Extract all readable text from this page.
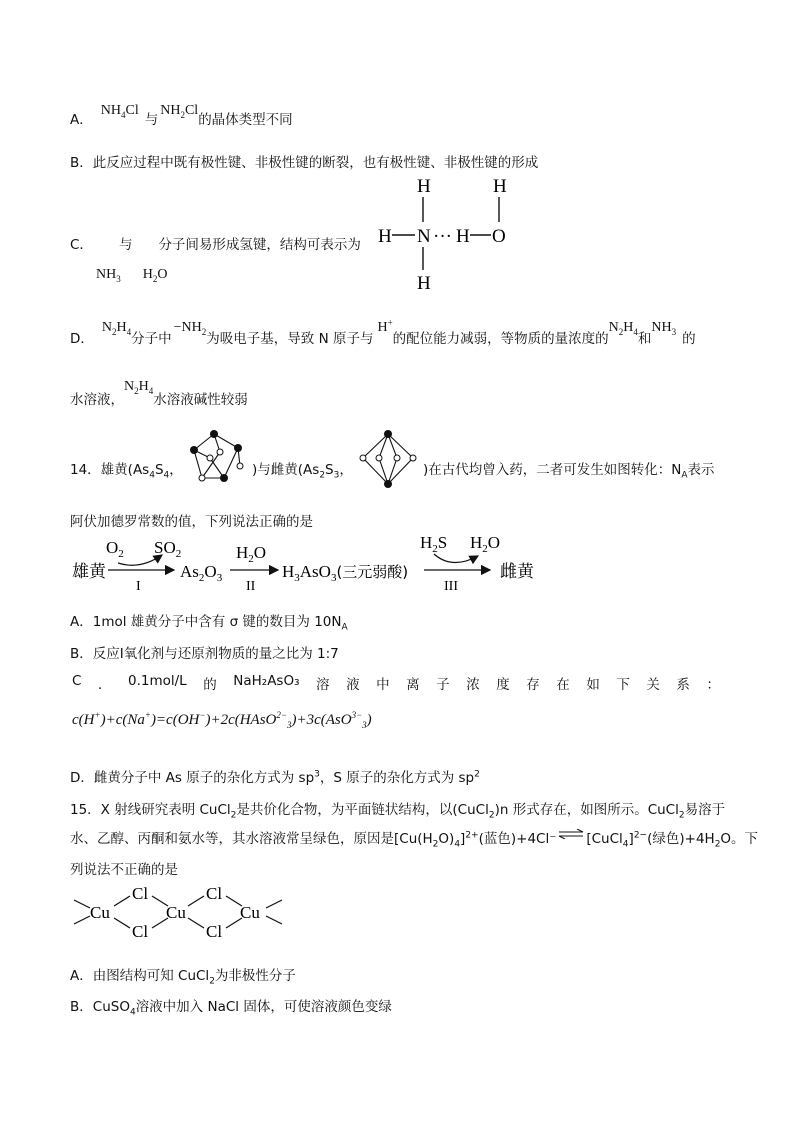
A．$NH_4Cl$与$NH_2Cl$的晶体类型不同
B．此反应过程中既有极性键、非极性键的断裂，也有极性键、非极性键的形成
C． 与 分子间易形成氢键，结构可表示为
$NH_3$ $H_2O$
H
H N ··· H O
H
H
D．$N_2H_4$分子中$-NH_2$为吸电子基，导致 N 原子与H+的配位能力减弱，等物质的量浓度的$N_2H_4$和$NH_3$ 的
水溶液，$N_2H_4$水溶液碱性较弱
14．雄黄($As_4S_4$，	)与雌黄($As_2S_3$，	)在古代均曾入药，二者可发生如图转化：$N_A$表示
阿伏加德罗常数的值，下列说法正确的是
雄黄
$O_2$ $SO_2$
I
$As_2O_3$
$H_2O$
II
$H_3AsO_3$(三元弱酸)
$H_2S$ $H_2O$
III
雌黄
A．1mol 雄黄分子中含有 σ 键的数目为 $10N_A$
B．反应Ⅰ氧化剂与还原剂物质的量之比为 1:7
C ． 0.1mol/L 的 NaH₂AsO₃ 溶 液 中 离 子 浓 度 存 在 如 下 关 系 ：
c(H+)+c(Na+)=c(OH−)+2c(HAsO$^{2-}_3$)+3c(AsO$^{3-}_3$)
D．雌黄分子中 As 原子的杂化方式为 $sp^3$，S 原子的杂化方式为 $sp^2$
15．X 射线研究表明 CuCl$_2$是共价化合物，为平面链状结构，以(CuCl$_2$)n 形式存在，如图所示。CuCl$_2$易溶于
水、乙醇、丙酮和氨水等，其水溶液常呈绿色，原因是$[Cu(H_2O)_4]^{2+}$(蓝色)+4Cl⁻ ⇌ [CuCl$_4$]$^{2-}$(绿色)$+4H_2O$。下
列说法不正确的是
Cu
Cl
Cl
Cu
Cl
Cl
Cu
A．由图结构可知 CuCl$_2$为非极性分子
B．CuSO$_4$溶液中加入 NaCl 固体，可使溶液颜色变绿
